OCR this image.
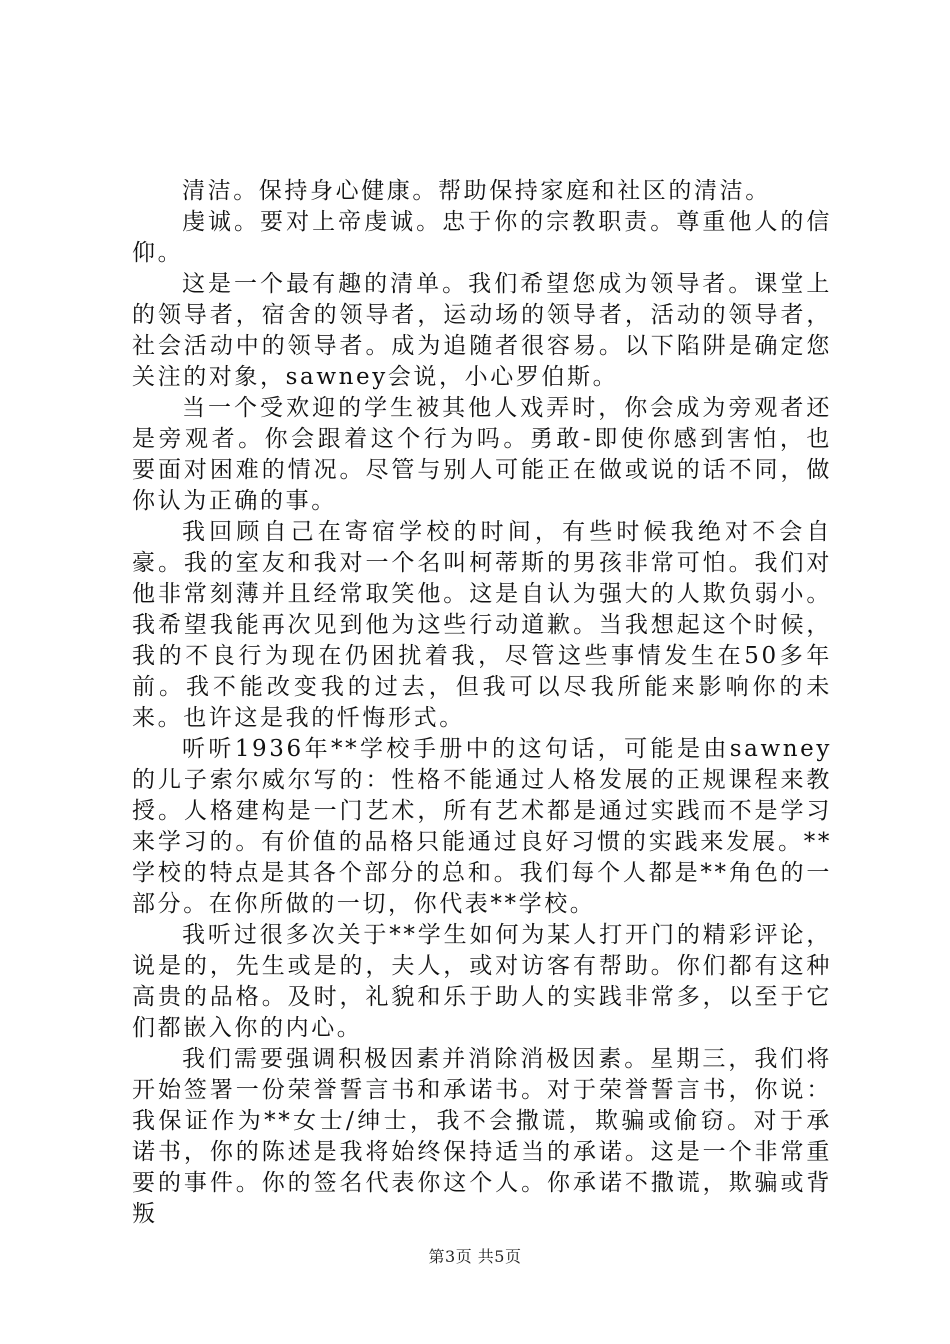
清洁。保持身心健康。帮助保持家庭和社区的清洁。

虔诚。要对上帝虔诚。忠于你的宗教职责。尊重他人的信仰。

这是一个最有趣的清单。我们希望您成为领导者。课堂上的领导者，宿舍的领导者，运动场的领导者，活动的领导者，社会活动中的领导者。成为追随者很容易。以下陷阱是确定您关注的对象，sawney会说，小心罗伯斯。

当一个受欢迎的学生被其他人戏弄时，你会成为旁观者还是旁观者。你会跟着这个行为吗。勇敢-即使你感到害怕，也要面对困难的情况。尽管与别人可能正在做或说的话不同，做你认为正确的事。

我回顾自己在寄宿学校的时间，有些时候我绝对不会自豪。我的室友和我对一个名叫柯蒂斯的男孩非常可怕。我们对他非常刻薄并且经常取笑他。这是自认为强大的人欺负弱小。我希望我能再次见到他为这些行动道歉。当我想起这个时候，我的不良行为现在仍困扰着我，尽管这些事情发生在50多年前。我不能改变我的过去，但我可以尽我所能来影响你的未来。也许这是我的忏悔形式。

听听1936年**学校手册中的这句话，可能是由sawney的儿子索尔威尔写的：性格不能通过人格发展的正规课程来教授。人格建构是一门艺术，所有艺术都是通过实践而不是学习来学习的。有价值的品格只能通过良好习惯的实践来发展。**学校的特点是其各个部分的总和。我们每个人都是**角色的一部分。在你所做的一切，你代表**学校。

我听过很多次关于**学生如何为某人打开门的精彩评论，说是的，先生或是的，夫人，或对访客有帮助。你们都有这种高贵的品格。及时，礼貌和乐于助人的实践非常多，以至于它们都嵌入你的内心。

我们需要强调积极因素并消除消极因素。星期三，我们将开始签署一份荣誉誓言书和承诺书。对于荣誉誓言书，你说：我保证作为**女士/绅士，我不会撒谎，欺骗或偷窃。对于承诺书，你的陈述是我将始终保持适当的承诺。这是一个非常重要的事件。你的签名代表你这个人。你承诺不撒谎，欺骗或背叛

第3页 共5页
